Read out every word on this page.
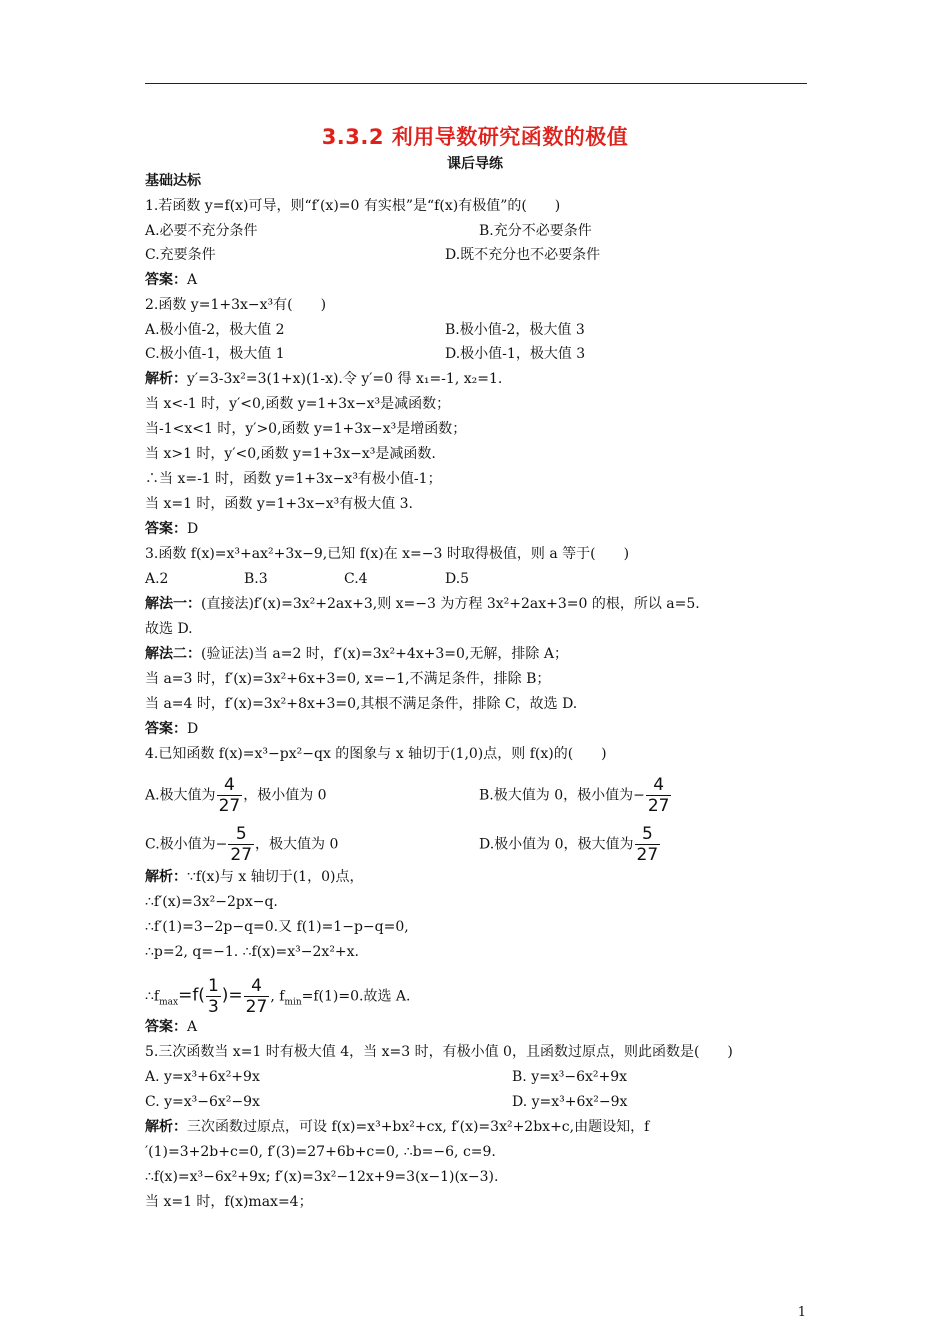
3.3.2 利用导数研究函数的极值
课后导练
基础达标
1.若函数 y=f(x)可导，则“f′(x)=0 有实根”是“f(x)有极值”的(　　)
A.必要不充分条件	B.充分不必要条件
C.充要条件	D.既不充分也不必要条件
答案：A
2.函数 y=1+3x−x³有(　　)
A.极小值-2，极大值 2	B.极小值-2，极大值 3
C.极小值-1，极大值 1	D.极小值-1，极大值 3
解析：y′=3-3x²=3(1+x)(1-x).令 y′=0 得 x₁=-1, x₂=1.
当 x<-1 时，y′<0,函数 y=1+3x−x³是减函数；
当-1<x<1 时，y′>0,函数 y=1+3x−x³是增函数；
当 x>1 时，y′<0,函数 y=1+3x−x³是减函数.
∴当 x=-1 时，函数 y=1+3x−x³有极小值-1；
当 x=1 时，函数 y=1+3x−x³有极大值 3.
答案：D
3.函数 f(x)=x³+ax²+3x−9,已知 f(x)在 x=−3 时取得极值，则 a 等于(　　)
A.2	B.3	C.4	D.5
解法一：(直接法)f′(x)=3x²+2ax+3,则 x=−3 为方程 3x²+2ax+3=0 的根，所以 a=5.
故选 D.
解法二：(验证法)当 a=2 时，f′(x)=3x²+4x+3=0,无解，排除 A；
当 a=3 时，f′(x)=3x²+6x+3=0, x=−1,不满足条件，排除 B；
当 a=4 时，f′(x)=3x²+8x+3=0,其根不满足条件，排除 C，故选 D.
答案：D
4.已知函数 f(x)=x³−px²−qx 的图象与 x 轴切于(1,0)点，则 f(x)的(　　)
解析：∵f(x)与 x 轴切于(1，0)点，
∴f′(x)=3x²−2px−q.
∴f′(1)=3−2p−q=0.又 f(1)=1−p−q=0,
∴p=2, q=−1. ∴f(x)=x³−2x²+x.
答案：A
5.三次函数当 x=1 时有极大值 4，当 x=3 时，有极小值 0，且函数过原点，则此函数是(　　)
A. y=x³+6x²+9x	B. y=x³−6x²+9x
C. y=x³−6x²−9x	D. y=x³+6x²−9x
解析：三次函数过原点，可设 f(x)=x³+bx²+cx, f′(x)=3x²+2bx+c,由题设知，f
′(1)=3+2b+c=0, f′(3)=27+6b+c=0, ∴b=−6, c=9.
∴f(x)=x³−6x²+9x; f′(x)=3x²−12x+9=3(x−1)(x−3).
当 x=1 时，f(x)max=4；
A.极大值为 $\frac{4}{27}$ ，极小值为 0	B.极大值为 0，极小值为− $\frac{4}{27}$
C.极小值为− $\frac{5}{27}$ ，极大值为 0	D.极小值为 0，极大值为 $\frac{5}{27}$
$\therefore f_{max}=f( \frac{1}{3}$ )= $\frac{4}{27}$ , $f_{min}=f(1)=0$.故选 A.
1
